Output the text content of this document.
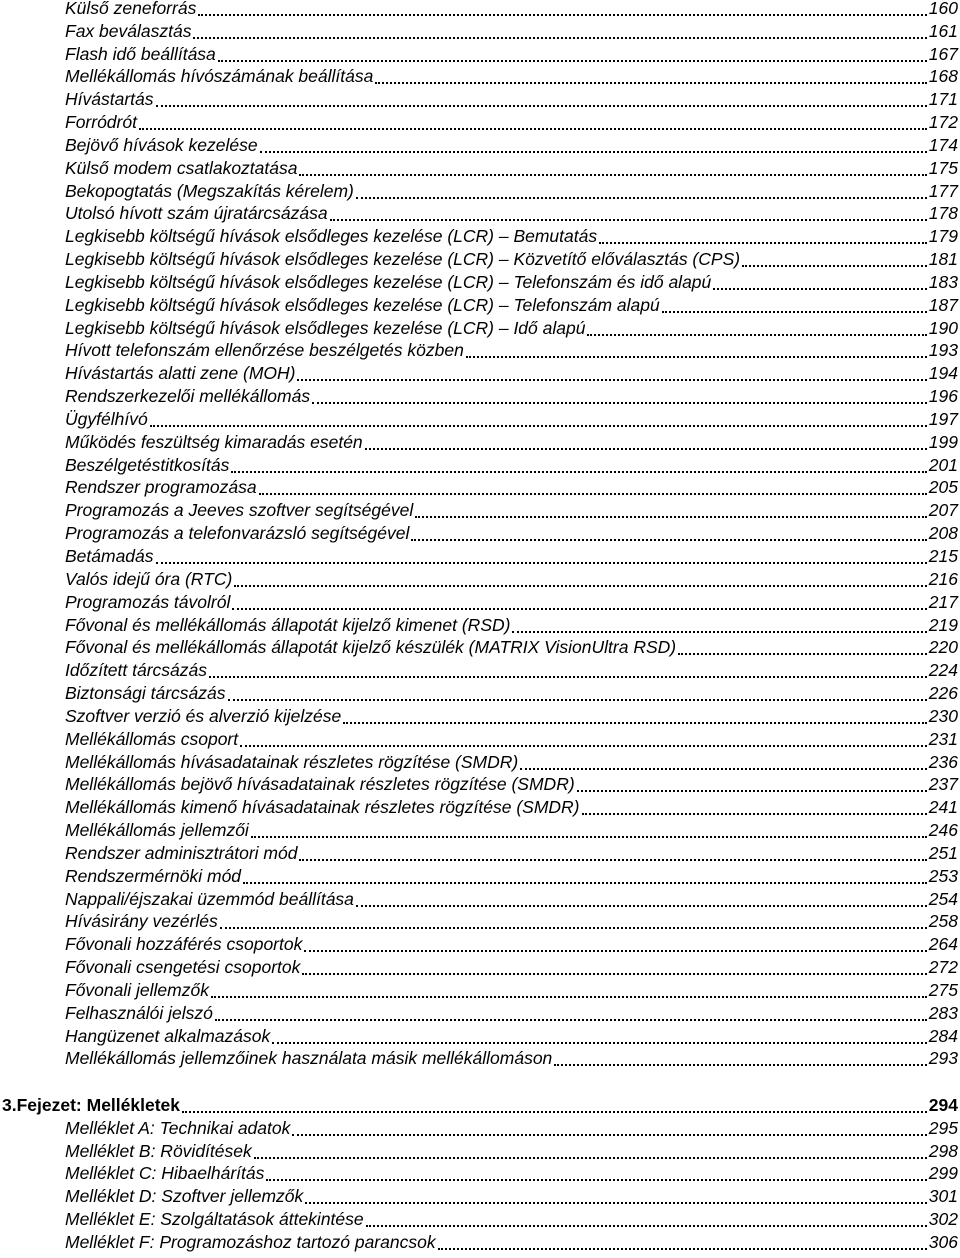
Külső zeneforrás	160
Fax beválasztás	161
Flash idő beállítása	167
Mellékállomás hívószámának beállítása	168
Hívástartás	171
Forródrót	172
Bejövő hívások kezelése	174
Külső modem csatlakoztatása	175
Bekopogtatás (Megszakítás kérelem)	177
Utolsó hívott szám újratárcsázása	178
Legkisebb költségű hívások elsődleges kezelése (LCR) – Bemutatás	179
Legkisebb költségű hívások elsődleges kezelése (LCR) – Közvetítő előválasztás (CPS)	181
Legkisebb költségű hívások elsődleges kezelése (LCR) – Telefonszám és idő alapú	183
Legkisebb költségű hívások elsődleges kezelése (LCR) – Telefonszám alapú	187
Legkisebb költségű hívások elsődleges kezelése (LCR) – Idő alapú	190
Hívott telefonszám ellenőrzése beszélgetés közben	193
Hívástartás alatti zene (MOH)	194
Rendszerkezelői mellékállomás	196
Ügyfélhívó	197
Működés feszültség kimaradás esetén	199
Beszélgetéstitkosítás	201
Rendszer programozása	205
Programozás a Jeeves szoftver segítségével	207
Programozás a telefonvarázsló segítségével	208
Betámadás	215
Valós idejű óra (RTC)	216
Programozás távolról	217
Fővonal és mellékállomás állapotát kijelző kimenet (RSD)	219
Fővonal és mellékállomás állapotát kijelző készülék (MATRIX VisionUltra RSD)	220
Időzített tárcsázás	224
Biztonsági tárcsázás	226
Szoftver verzió és alverzió kijelzése	230
Mellékállomás csoport	231
Mellékállomás hívásadatainak részletes rögzítése (SMDR)	236
Mellékállomás bejövő hívásadatainak részletes rögzítése (SMDR)	237
Mellékállomás kimenő hívásadatainak részletes rögzítése (SMDR)	241
Mellékállomás jellemzői	246
Rendszer adminisztrátori mód	251
Rendszermérnöki mód	253
Nappali/éjszakai üzemmód beállítása	254
Hívásirány vezérlés	258
Fővonali hozzáférés csoportok	264
Fővonali csengetési csoportok	272
Fővonali jellemzők	275
Felhasználói jelszó	283
Hangüzenet alkalmazások	284
Mellékállomás jellemzőinek használata másik mellékállomáson	293
3.Fejezet: Mellékletek	294
Melléklet A: Technikai adatok	295
Melléklet B: Rövidítések	298
Melléklet C: Hibaelhárítás	299
Melléklet D: Szoftver jellemzők	301
Melléklet E: Szolgáltatások áttekintése	302
Melléklet F: Programozáshoz tartozó parancsok	306
